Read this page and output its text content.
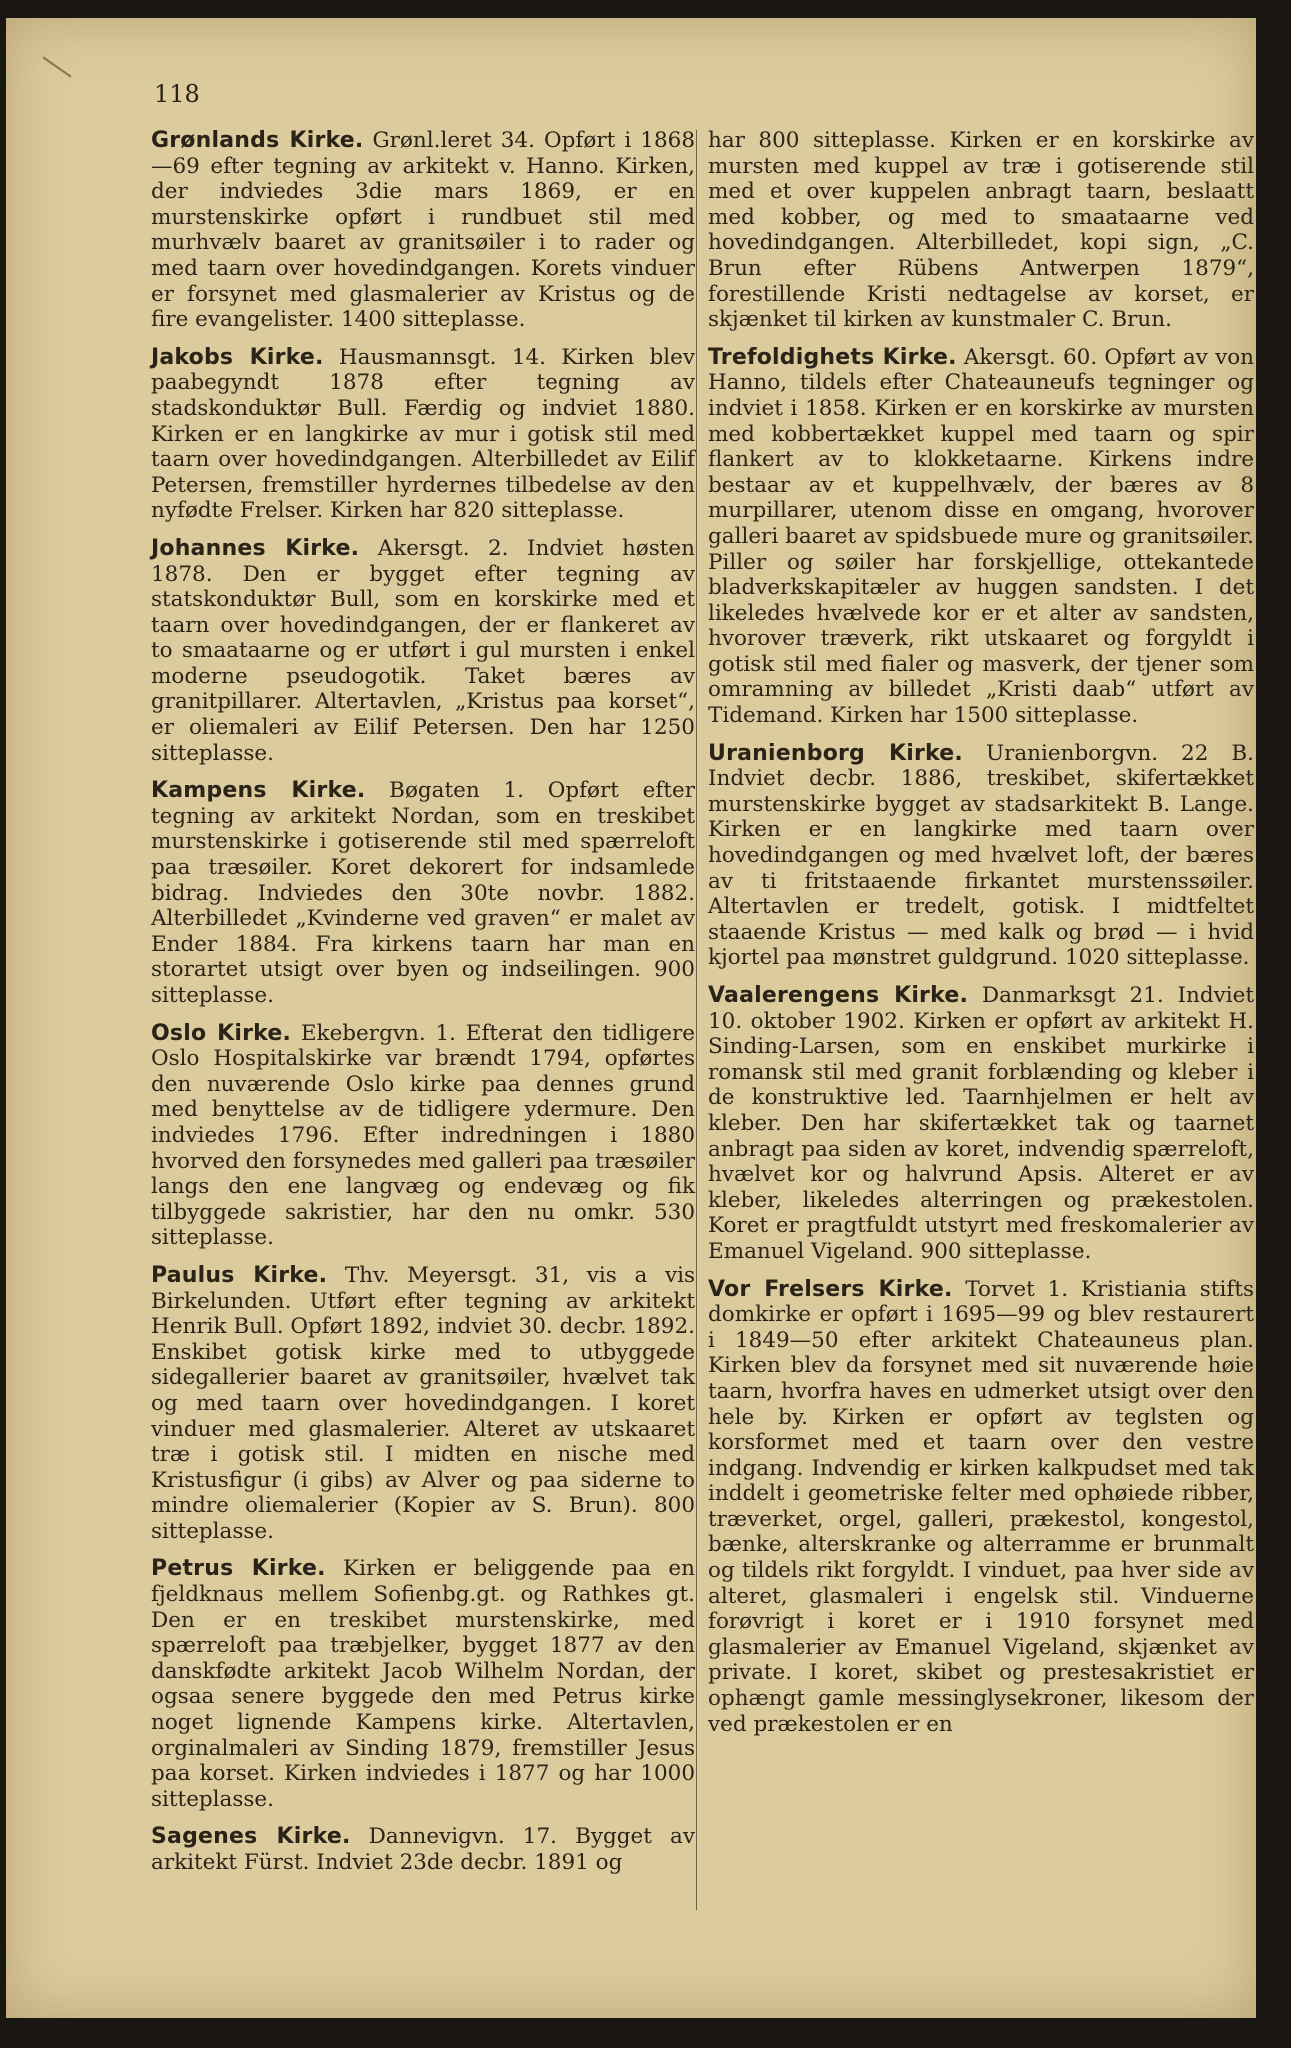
118
Grønlands Kirke. Grønl.leret 34. Opført i 1868 —69 efter tegning av arkitekt v. Hanno. Kirken, der indviedes 3die mars 1869, er en murstenskirke opført i rundbuet stil med murhvælv baaret av granitsøiler i to rader og med taarn over hovedindgangen. Korets vinduer er forsynet med glasmalerier av Kristus og de fire evangelister. 1400 sitteplasse.
Jakobs Kirke. Hausmannsgt. 14. Kirken blev paabegyndt 1878 efter tegning av stadskonduktør Bull. Færdig og indviet 1880. Kirken er en langkirke av mur i gotisk stil med taarn over hovedindgangen. Alterbilledet av Eilif Petersen, fremstiller hyrdernes tilbedelse av den nyfødte Frelser. Kirken har 820 sitteplasse.
Johannes Kirke. Akersgt. 2. Indviet høsten 1878. Den er bygget efter tegning av statskonduktør Bull, som en korskirke med et taarn over hovedindgangen, der er flankeret av to smaataarne og er utført i gul mursten i enkel moderne pseudogotik. Taket bæres av granitpillarer. Altertavlen, „Kristus paa korset“, er oliemaleri av Eilif Petersen. Den har 1250 sitteplasse.
Kampens Kirke. Bøgaten 1. Opført efter tegning av arkitekt Nordan, som en treskibet murstenskirke i gotiserende stil med spærreloft paa træsøiler. Koret dekorert for indsamlede bidrag. Indviedes den 30te novbr. 1882. Alterbilledet „Kvinderne ved graven“ er malet av Ender 1884. Fra kirkens taarn har man en storartet utsigt over byen og indseilingen. 900 sitteplasse.
Oslo Kirke. Ekebergvn. 1. Efterat den tidligere Oslo Hospitalskirke var brændt 1794, opførtes den nuværende Oslo kirke paa dennes grund med benyttelse av de tidligere ydermure. Den indviedes 1796. Efter indredningen i 1880 hvorved den forsynedes med galleri paa træsøiler langs den ene langvæg og endevæg og fik tilbyggede sakristier, har den nu omkr. 530 sitteplasse.
Paulus Kirke. Thv. Meyersgt. 31, vis a vis Birkelunden. Utført efter tegning av arkitekt Henrik Bull. Opført 1892, indviet 30. decbr. 1892. Enskibet gotisk kirke med to utbyggede sidegallerier baaret av granitsøiler, hvælvet tak og med taarn over hovedindgangen. I koret vinduer med glasmalerier. Alteret av utskaaret træ i gotisk stil. I midten en nische med Kristusfigur (i gibs) av Alver og paa siderne to mindre oliemalerier (Kopier av S. Brun). 800 sitteplasse.
Petrus Kirke. Kirken er beliggende paa en fjeldknaus mellem Sofienbg.gt. og Rathkes gt. Den er en treskibet murstenskirke, med spærreloft paa træbjelker, bygget 1877 av den danskfødte arkitekt Jacob Wilhelm Nordan, der ogsaa senere byggede den med Petrus kirke noget lignende Kampens kirke. Altertavlen, orginalmaleri av Sinding 1879, fremstiller Jesus paa korset. Kirken indviedes i 1877 og har 1000 sitteplasse.
Sagenes Kirke. Dannevigvn. 17. Bygget av arkitekt Fürst. Indviet 23de decbr. 1891 og
har 800 sitteplasse. Kirken er en korskirke av mursten med kuppel av træ i gotiserende stil med et over kuppelen anbragt taarn, beslaatt med kobber, og med to smaataarne ved hovedindgangen. Alterbilledet, kopi sign, „C. Brun efter Rübens Antwerpen 1879“, forestillende Kristi nedtagelse av korset, er skjænket til kirken av kunstmaler C. Brun.
Trefoldighets Kirke. Akersgt. 60. Opført av von Hanno, tildels efter Chateauneufs tegninger og indviet i 1858. Kirken er en korskirke av mursten med kobbertækket kuppel med taarn og spir flankert av to klokketaarne. Kirkens indre bestaar av et kuppelhvælv, der bæres av 8 murpillarer, utenom disse en omgang, hvorover galleri baaret av spidsbuede mure og granitsøiler. Piller og søiler har forskjellige, ottekantede bladverkskapitæler av huggen sandsten. I det likeledes hvælvede kor er et alter av sandsten, hvorover træverk, rikt utskaaret og forgyldt i gotisk stil med fialer og masverk, der tjener som omramning av billedet „Kristi daab“ utført av Tidemand. Kirken har 1500 sitteplasse.
Uranienborg Kirke. Uranienborgvn. 22 B. Indviet decbr. 1886, treskibet, skifertækket murstenskirke bygget av stadsarkitekt B. Lange. Kirken er en langkirke med taarn over hovedindgangen og med hvælvet loft, der bæres av ti fritstaaende firkantet murstenssøiler. Altertavlen er tredelt, gotisk. I midtfeltet staaende Kristus — med kalk og brød — i hvid kjortel paa mønstret guldgrund. 1020 sitteplasse.
Vaalerengens Kirke. Danmarksgt 21. Indviet 10. oktober 1902. Kirken er opført av arkitekt H. Sinding-Larsen, som en enskibet murkirke i romansk stil med granit forblænding og kleber i de konstruktive led. Taarnhjelmen er helt av kleber. Den har skifertækket tak og taarnet anbragt paa siden av koret, indvendig spærreloft, hvælvet kor og halvrund Apsis. Alteret er av kleber, likeledes alterringen og prækestolen. Koret er pragtfuldt utstyrt med freskomalerier av Emanuel Vigeland. 900 sitteplasse.
Vor Frelsers Kirke. Torvet 1. Kristiania stifts domkirke er opført i 1695—99 og blev restaurert i 1849—50 efter arkitekt Chateauneus plan. Kirken blev da forsynet med sit nuværende høie taarn, hvorfra haves en udmerket utsigt over den hele by. Kirken er opført av teglsten og korsformet med et taarn over den vestre indgang. Indvendig er kirken kalkpudset med tak inddelt i geometriske felter med ophøiede ribber, træverket, orgel, galleri, prækestol, kongestol, bænke, alterskranke og alterramme er brunmalt og tildels rikt forgyldt. I vinduet, paa hver side av alteret, glasmaleri i engelsk stil. Vinduerne forøvrigt i koret er i 1910 forsynet med glasmalerier av Emanuel Vigeland, skjænket av private. I koret, skibet og prestesakristiet er ophængt gamle messinglysekroner, likesom der ved prækestolen er en
